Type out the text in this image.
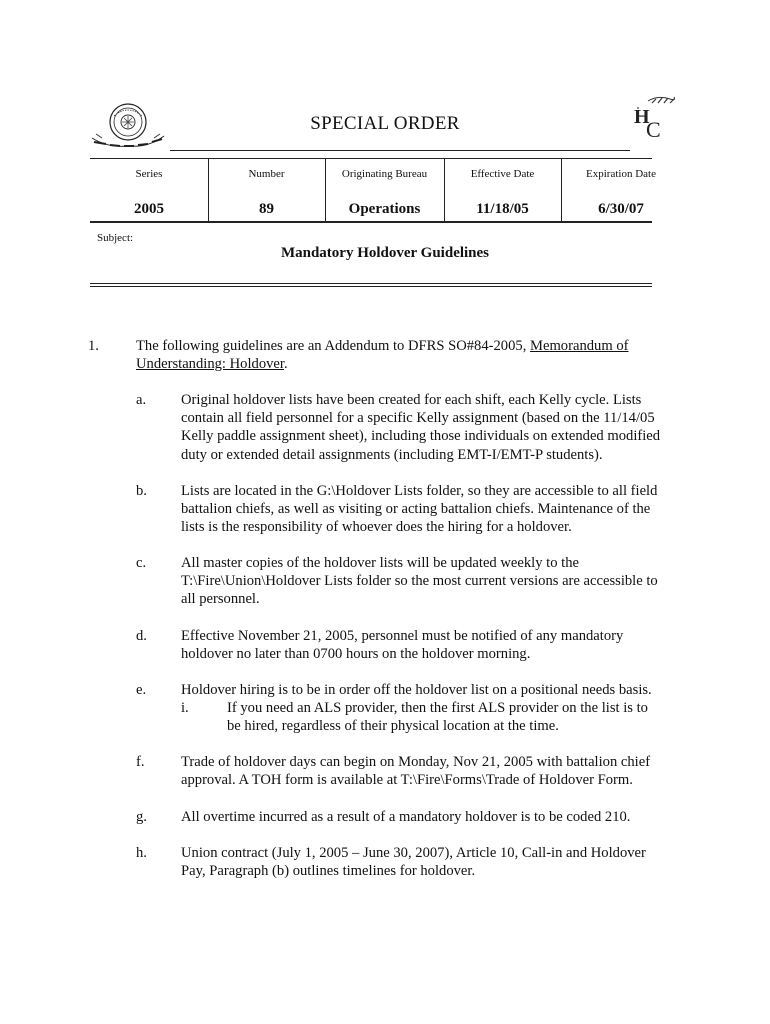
H
C
SPECIAL ORDER
Series	Number	Originating Bureau	Effective Date	Expiration Date
2005	89	Operations	11/18/05	6/30/07
Subject:
Mandatory Holdover Guidelines
1.	The following guidelines are an Addendum to DFRS SO#84-2005, Memorandum of
Understanding: Holdover.
a. Original holdover lists have been created for each shift, each Kelly cycle. Lists
contain all field personnel for a specific Kelly assignment (based on the 11/14/05
Kelly paddle assignment sheet), including those individuals on extended modified
duty or extended detail assignments (including EMT-I/EMT-P students).
b. Lists are located in the G:\Holdover Lists folder, so they are accessible to all field
battalion chiefs, as well as visiting or acting battalion chiefs. Maintenance of the
lists is the responsibility of whoever does the hiring for a holdover.
c. All master copies of the holdover lists will be updated weekly to the
T:\Fire\Union\Holdover Lists folder so the most current versions are accessible to
all personnel.
d. Effective November 21, 2005, personnel must be notified of any mandatory
holdover no later than 0700 hours on the holdover morning.
e. Holdover hiring is to be in order off the holdover list on a positional needs basis.
i.	If you need an ALS provider, then the first ALS provider on the list is to
be hired, regardless of their physical location at the time.
f. Trade of holdover days can begin on Monday, Nov 21, 2005 with battalion chief
approval. A TOH form is available at T:\Fire\Forms\Trade of Holdover Form.
g. All overtime incurred as a result of a mandatory holdover is to be coded 210.
h. Union contract (July 1, 2005 – June 30, 2007), Article 10, Call-in and Holdover
Pay, Paragraph (b) outlines timelines for holdover.
